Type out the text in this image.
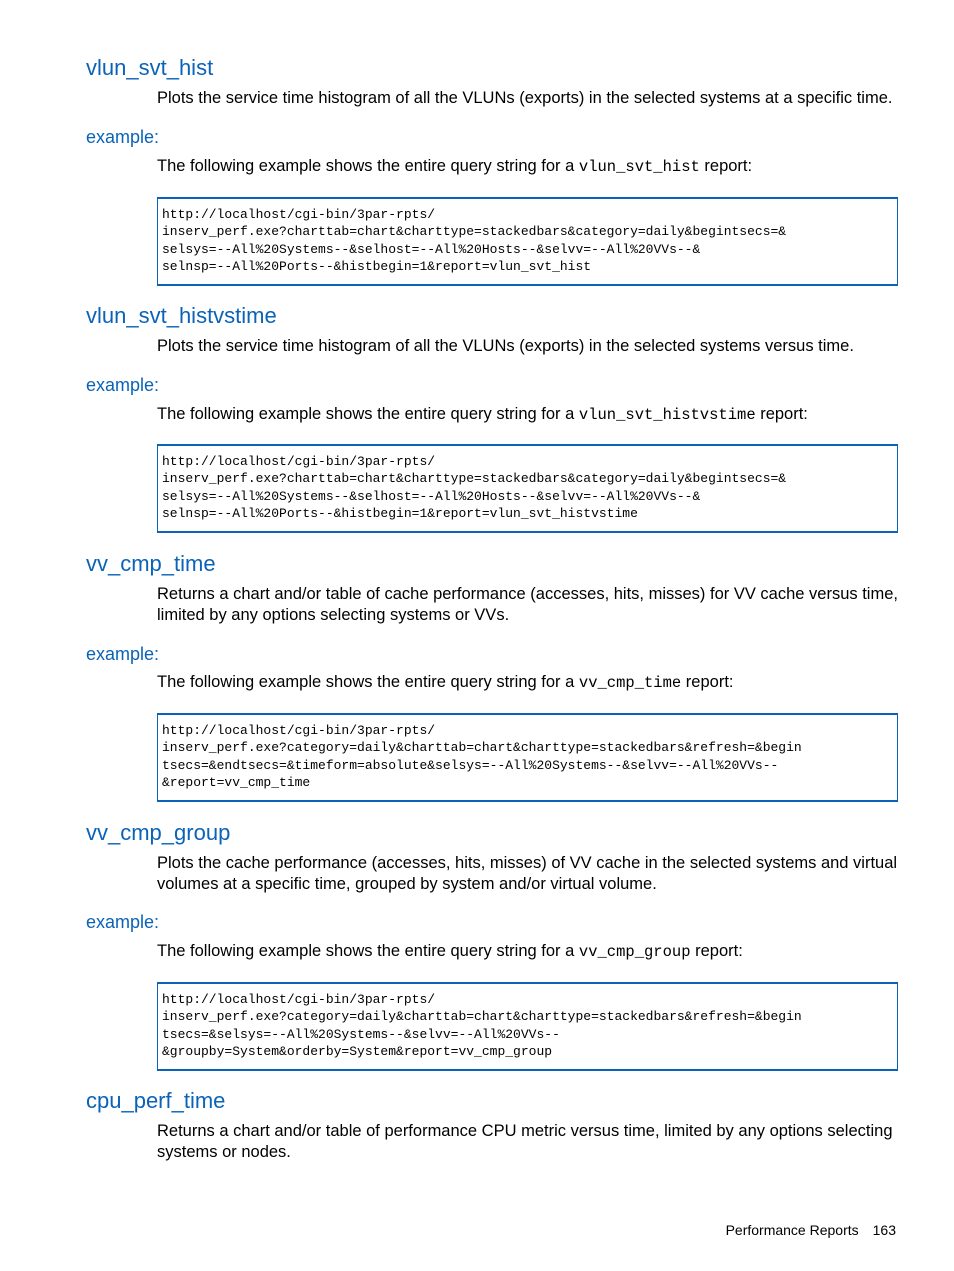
vlun_svt_hist

Plots the service time histogram of all the VLUNs (exports) in the selected systems at a specific time.

example:

The following example shows the entire query string for a vlun_svt_hist report:

http://localhost/cgi-bin/3par-rpts/
inserv_perf.exe?charttab=chart&charttype=stackedbars&category=daily&begintsecs=&
selsys=--All%20Systems--&selhost=--All%20Hosts--&selvv=--All%20VVs--&
selnsp=--All%20Ports--&histbegin=1&report=vlun_svt_hist
vlun_svt_histvstime

Plots the service time histogram of all the VLUNs (exports) in the selected systems versus time.

example:

The following example shows the entire query string for a vlun_svt_histvstime report:

http://localhost/cgi-bin/3par-rpts/
inserv_perf.exe?charttab=chart&charttype=stackedbars&category=daily&begintsecs=&
selsys=--All%20Systems--&selhost=--All%20Hosts--&selvv=--All%20VVs--&
selnsp=--All%20Ports--&histbegin=1&report=vlun_svt_histvstime
vv_cmp_time

Returns a chart and/or table of cache performance (accesses, hits, misses) for VV cache versus time, limited by any options selecting systems or VVs.

example:

The following example shows the entire query string for a vv_cmp_time report:

http://localhost/cgi-bin/3par-rpts/
inserv_perf.exe?category=daily&charttab=chart&charttype=stackedbars&refresh=&begin
tsecs=&endtsecs=&timeform=absolute&selsys=--All%20Systems--&selvv=--All%20VVs--
&report=vv_cmp_time
vv_cmp_group

Plots the cache performance (accesses, hits, misses) of VV cache in the selected systems and virtual volumes at a specific time, grouped by system and/or virtual volume.

example:

The following example shows the entire query string for a vv_cmp_group report:

http://localhost/cgi-bin/3par-rpts/
inserv_perf.exe?category=daily&charttab=chart&charttype=stackedbars&refresh=&begin
tsecs=&selsys=--All%20Systems--&selvv=--All%20VVs--
&groupby=System&orderby=System&report=vv_cmp_group
cpu_perf_time

Returns a chart and/or table of performance CPU metric versus time, limited by any options selecting systems or nodes.

Performance Reports 163
